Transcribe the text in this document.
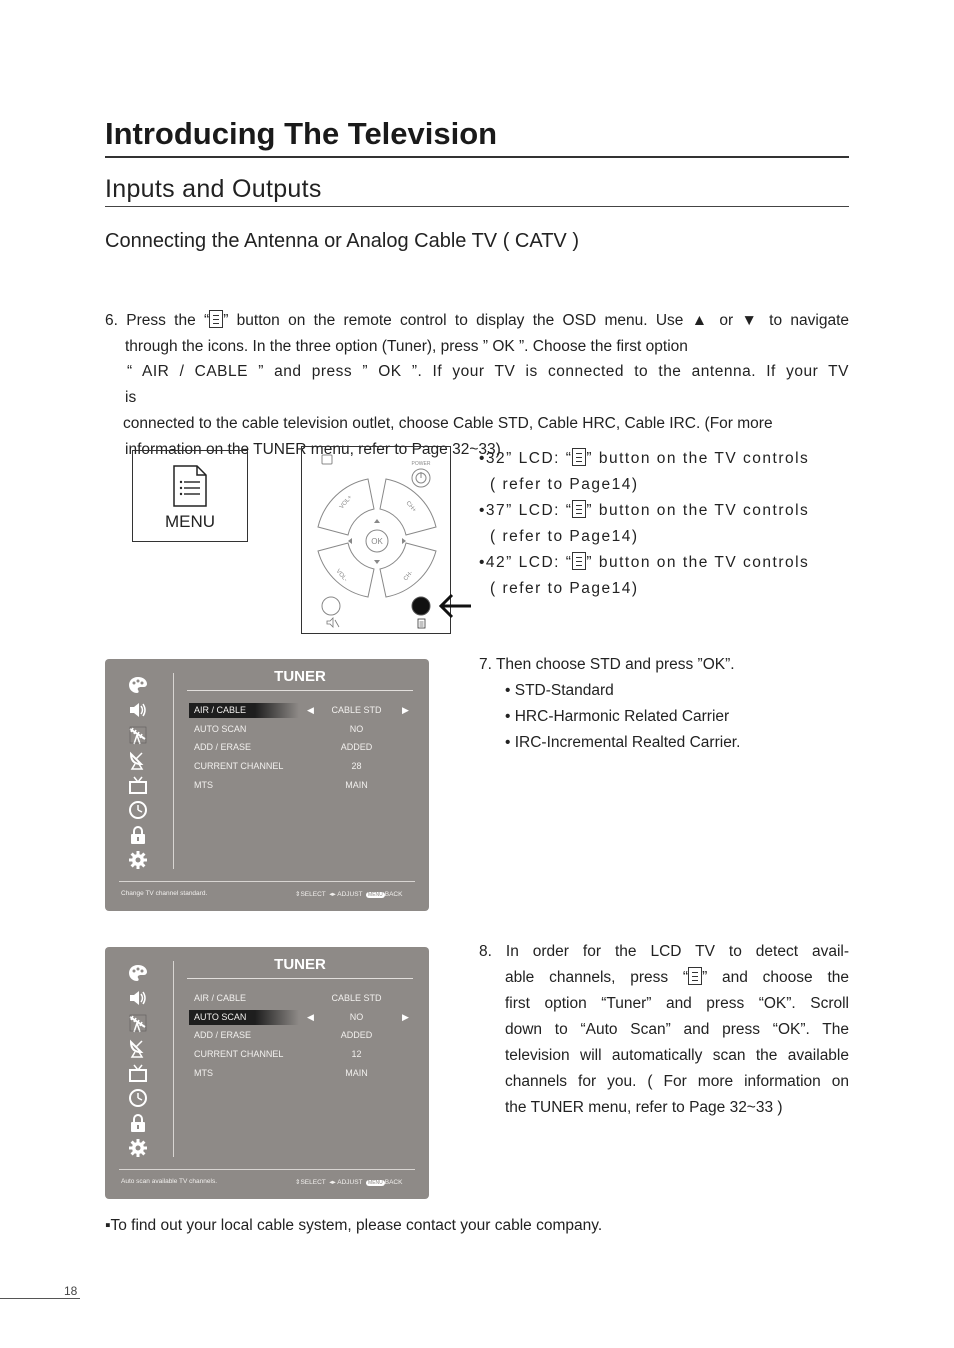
Introducing The Television
Inputs and Outputs
Connecting the Antenna or Analog Cable TV ( CATV )
6. Press the “ ” button on the remote control to display the OSD menu. Use ▲ or ▼ to navigate
through the icons. In the three option (Tuner), press ” OK ”. Choose the first option
“ AIR / CABLE ” and press ” OK ”. If your TV is connected to the antenna. If your TV
is
connected to the cable television outlet, choose Cable STD, Cable HRC, Cable IRC. (For more
information on the TUNER menu, refer to Page 32~33)
MENU
POWER
VOL+	CH+
VOL-	CH-
OK
•32” LCD: “ ” button on the TV controls
( refer to Page14)
•37” LCD: “ ” button on the TV controls
( refer to Page14)
•42” LCD: “ ” button on the TV controls
( refer to Page14)
TUNER
AIR / CABLE	◀ CABLE STD ▶
AUTO SCAN	NO
ADD / ERASE	ADDED
CURRENT CHANNEL	28
MTS	MAIN
Change TV channel standard.	⇕SELECT ◂▸ ADJUST MENU BACK
7. Then choose STD and press ”OK”.
• STD-Standard
• HRC-Harmonic Related Carrier
• IRC-Incremental Realted Carrier.
TUNER
AIR / CABLE	CABLE STD
AUTO SCAN	◀	NO	▶
ADD / ERASE	ADDED
CURRENT CHANNEL	12
MTS	MAIN
Auto scan available TV channels.	⇕SELECT ◂▸ ADJUST MENU BACK
8. In order for the LCD TV to detect avail-
able channels, press “ ” and choose the
first option “Tuner” and press “OK”. Scroll
down to “Auto Scan” and press “OK”. The
television will automatically scan the available
channels for you. ( For more information on
the TUNER menu, refer to Page 32~33 )
▪To find out your local cable system, please contact your cable company.
18
